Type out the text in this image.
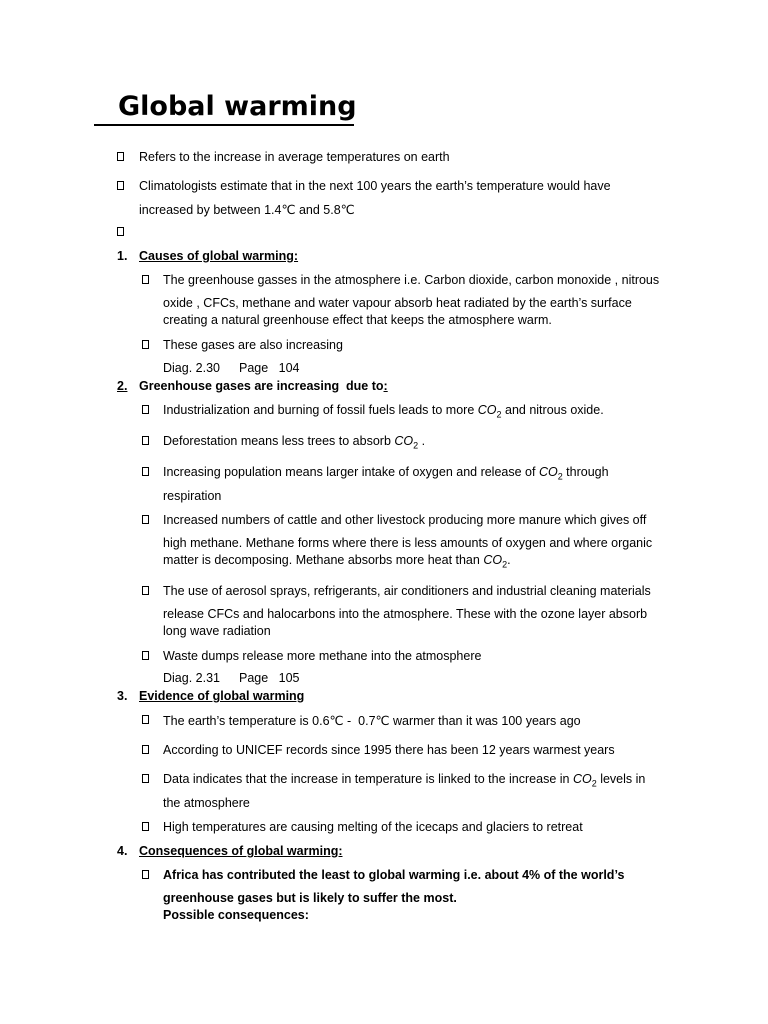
Global warming
Refers to the increase in average temperatures on earth
Climatologists estimate that in the next 100 years the earth’s temperature would have
increased by between 1.4℃ and 5.8℃
1. Causes of global warming:
The greenhouse gasses in the atmosphere i.e. Carbon dioxide, carbon monoxide , nitrous
oxide , CFCs, methane and water vapour absorb heat radiated by the earth’s surface
creating a natural greenhouse effect that keeps the atmosphere warm.
These gases are also increasing
Diag. 2.30 Page   104
2. Greenhouse gases are increasing  due to:
Industrialization and burning of fossil fuels leads to more $CO_2$ and nitrous oxide.
Deforestation means less trees to absorb $CO_2$ .
Increasing population means larger intake of oxygen and release of $CO_2$ through
respiration
Increased numbers of cattle and other livestock producing more manure which gives off
high methane. Methane forms where there is less amounts of oxygen and where organic
matter is decomposing. Methane absorbs more heat than $CO_2$.
The use of aerosol sprays, refrigerants, air conditioners and industrial cleaning materials
release CFCs and halocarbons into the atmosphere. These with the ozone layer absorb
long wave radiation
Waste dumps release more methane into the atmosphere
Diag. 2.31 Page   105
3. Evidence of global warming
The earth’s temperature is 0.6℃ -  0.7℃ warmer than it was 100 years ago
According to UNICEF records since 1995 there has been 12 years warmest years
Data indicates that the increase in temperature is linked to the increase in $CO_2$ levels in
the atmosphere
High temperatures are causing melting of the icecaps and glaciers to retreat
4. Consequences of global warming:
Africa has contributed the least to global warming i.e. about 4% of the world’s
greenhouse gases but is likely to suffer the most.
Possible consequences:
